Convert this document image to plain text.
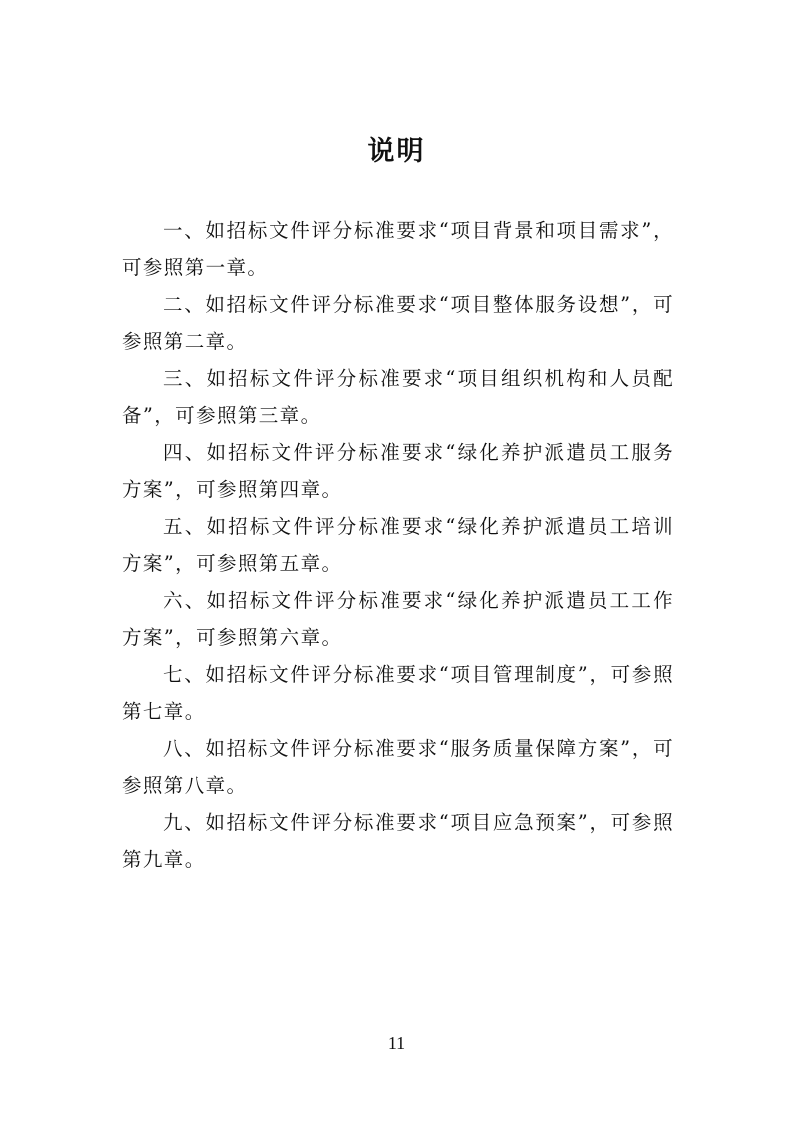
说明

一、如招标文件评分标准要求“项目背景和项目需求”，可参照第一章。

二、如招标文件评分标准要求“项目整体服务设想”，可参照第二章。

三、如招标文件评分标准要求“项目组织机构和人员配备”，可参照第三章。

四、如招标文件评分标准要求“绿化养护派遣员工服务方案”，可参照第四章。

五、如招标文件评分标准要求“绿化养护派遣员工培训方案”，可参照第五章。

六、如招标文件评分标准要求“绿化养护派遣员工工作方案”，可参照第六章。

七、如招标文件评分标准要求“项目管理制度”，可参照第七章。

八、如招标文件评分标准要求“服务质量保障方案”，可参照第八章。

九、如招标文件评分标准要求“项目应急预案”，可参照第九章。

11
